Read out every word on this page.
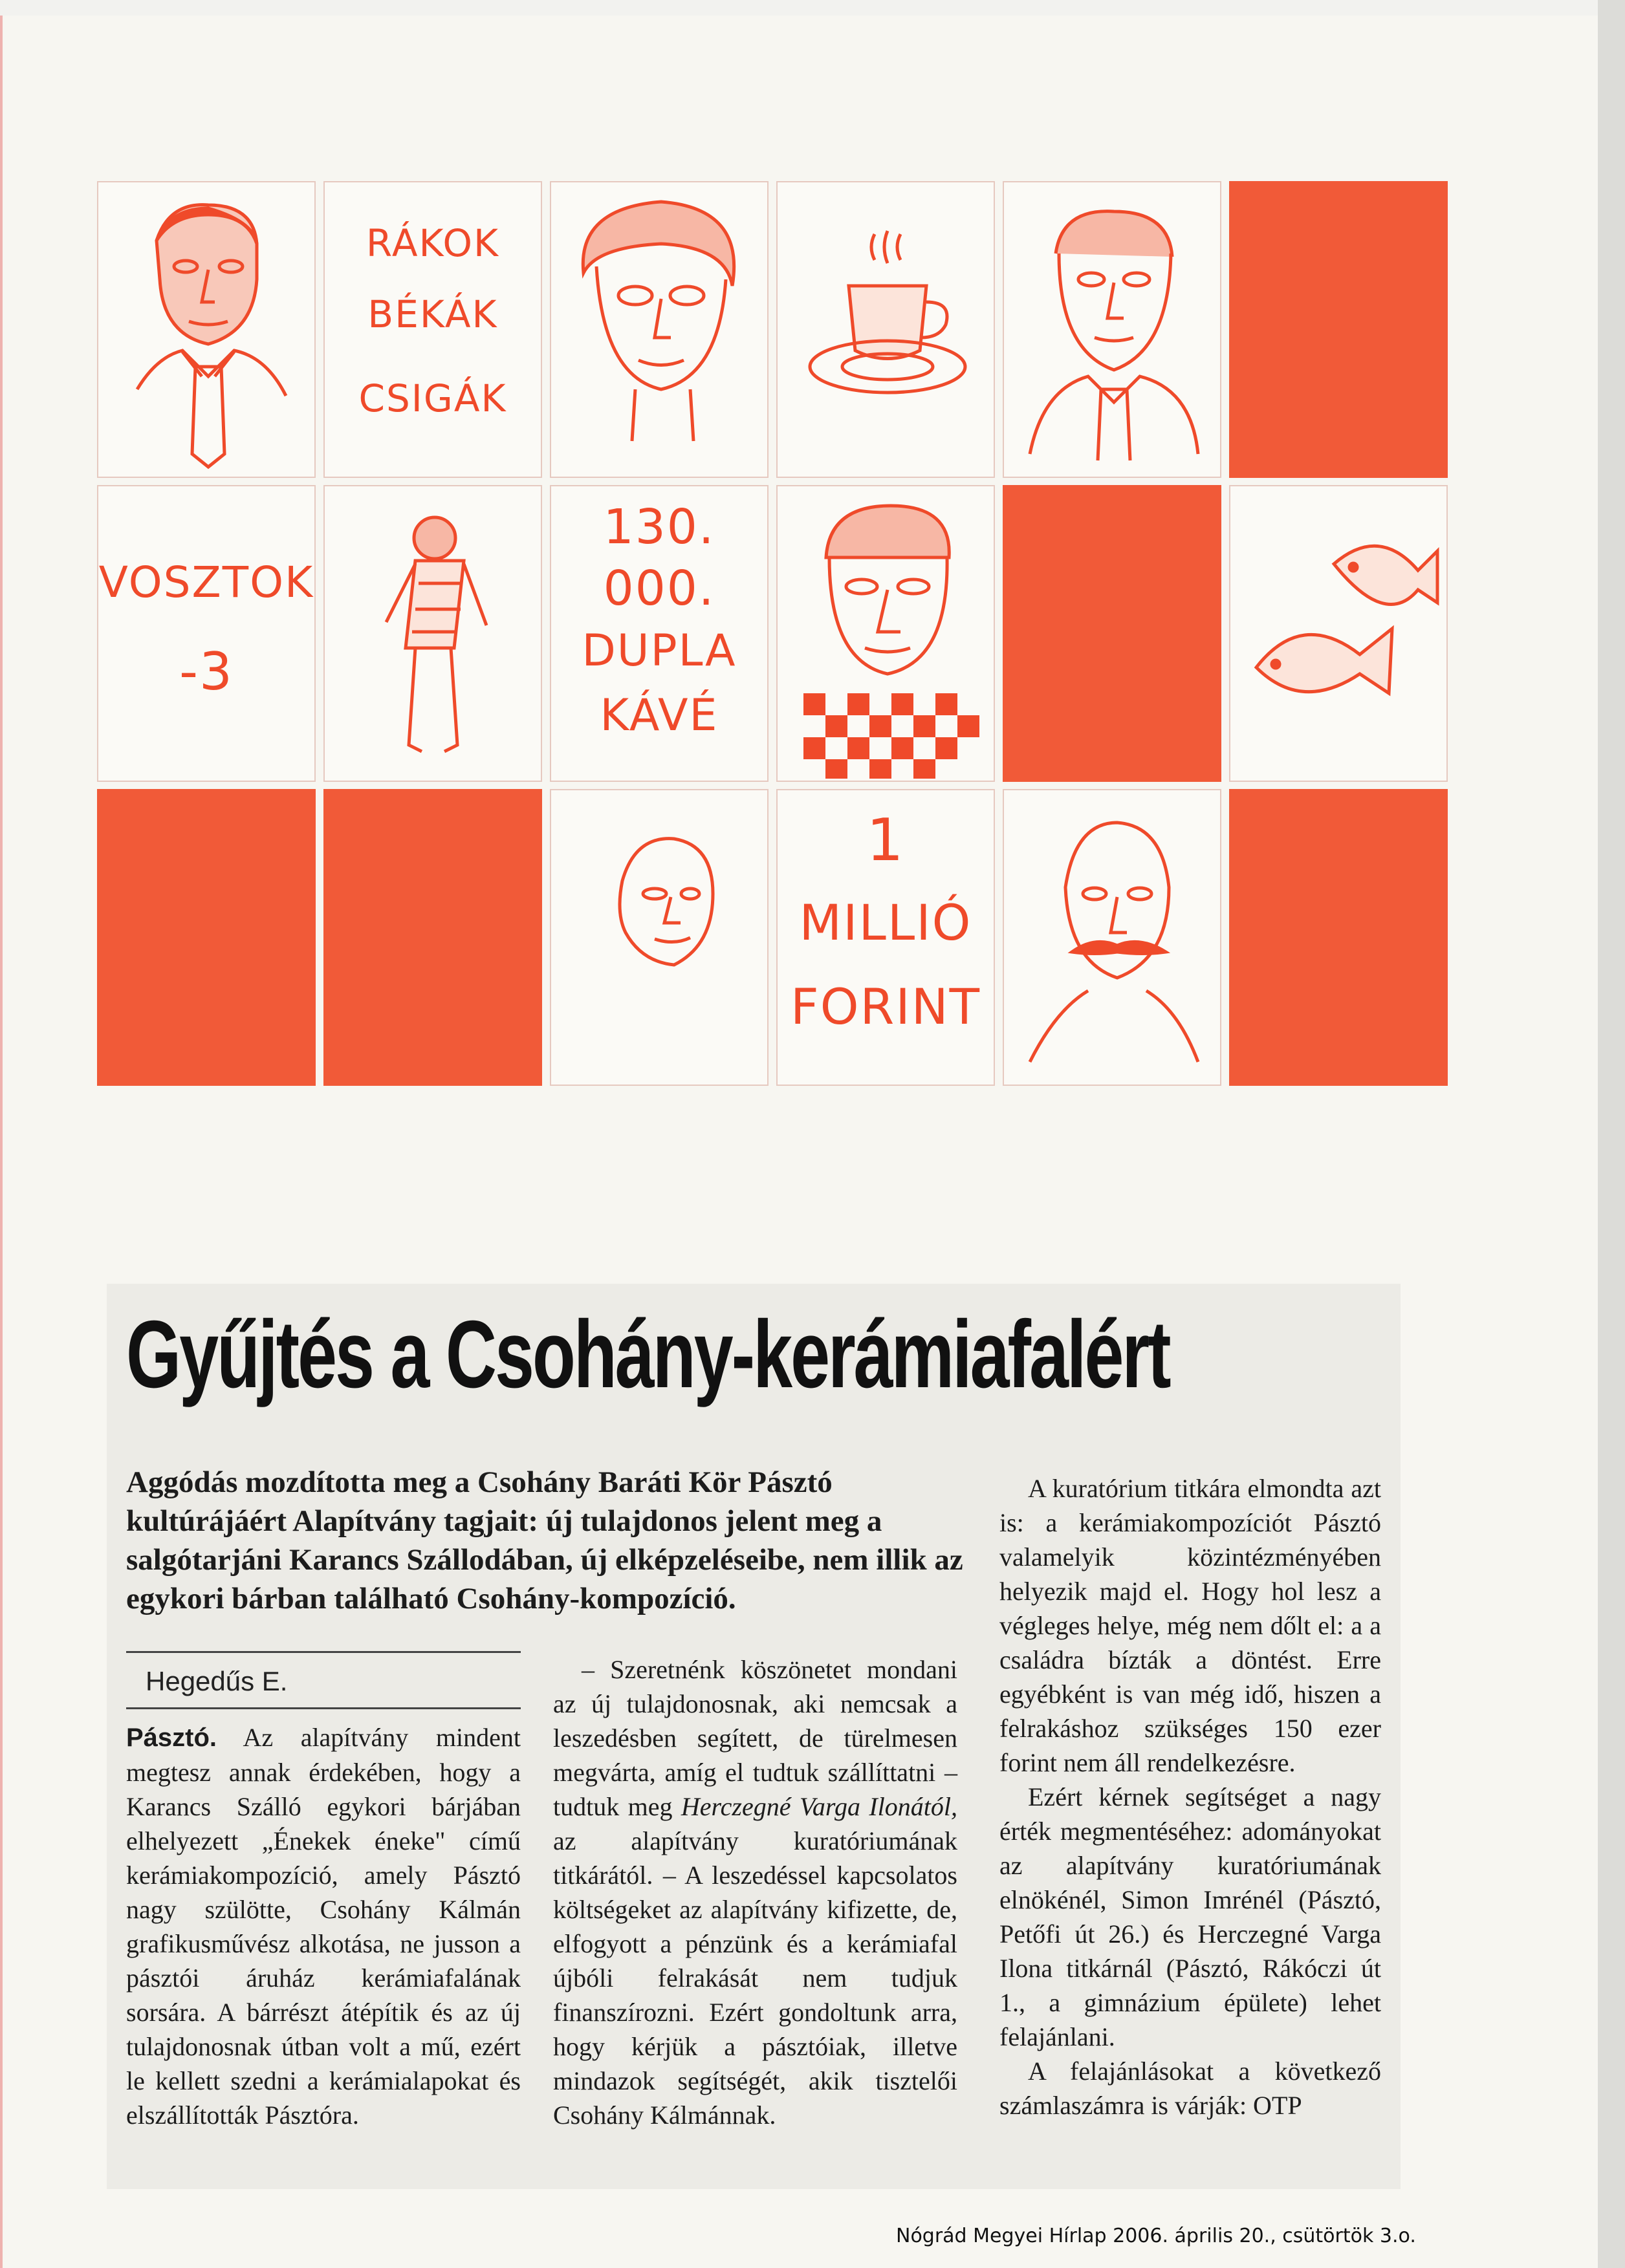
RÁKOK
BÉKÁK
CSIGÁK
VOSZTOK
-3
130.
000.
DUPLA
KÁVÉ
1
MILLIÓ
FORINT
Gyűjtés a Csohány-kerámiafalért
Aggódás mozdította meg a Csohány Baráti Kör Pásztó kultúrájáért Alapítvány tagjait: új tulajdonos jelent meg a salgótarjáni Karancs Szállodában, új elképzeléseibe, nem illik az egykori bárban található Csohány-kompozíció.
Hegedűs E.

Pásztó. Az alapítvány mindent megtesz annak érdekében, hogy a Karancs Szálló egykori bárjában elhelyezett „Énekek éneke" című kerámiakompozíció, amely Pásztó nagy szülötte, Csohány Kálmán grafikusművész alkotása, ne jusson a pásztói áruház kerámiafalának sorsára. A bárrészt átépítik és az új tulajdonosnak útban volt a mű, ezért le kellett szedni a kerámialapokat és elszállították Pásztóra.

– Szeretnénk köszönetet mondani az új tulajdonosnak, aki nemcsak a leszedésben segített, de türelmesen megvárta, amíg el tudtuk szállíttatni – tudtuk meg Herczegné Varga Ilonától, az alapítvány kuratóriumának titkárától. – A leszedéssel kapcsolatos költségeket az alapítvány kifizette, de, elfogyott a pénzünk és a kerámiafal újbóli felrakását nem tudjuk finanszírozni. Ezért gondoltunk arra, hogy kérjük a pásztóiak, illetve mindazok segítségét, akik tisztelői Csohány Kálmánnak.

A kuratórium titkára elmondta azt is: a kerámiakompozíciót Pásztó valamelyik közintézményében helyezik majd el. Hogy hol lesz a végleges helye, még nem dőlt el: a a családra bízták a döntést. Erre egyébként is van még idő, hiszen a felrakáshoz szükséges 150 ezer forint nem áll rendelkezésre.

Ezért kérnek segítséget a nagy érték megmentéséhez: adományokat az alapítvány kuratóriumának elnökénél, Simon Imrénél (Pásztó, Petőfi út 26.) és Herczegné Varga Ilona titkárnál (Pásztó, Rákóczi út 1., a gimnázium épülete) lehet felajánlani.

A felajánlásokat a következő számlaszámra is várják: OTP

Nógrád Megyei Hírlap 2006. április 20., csütörtök 3.o.
